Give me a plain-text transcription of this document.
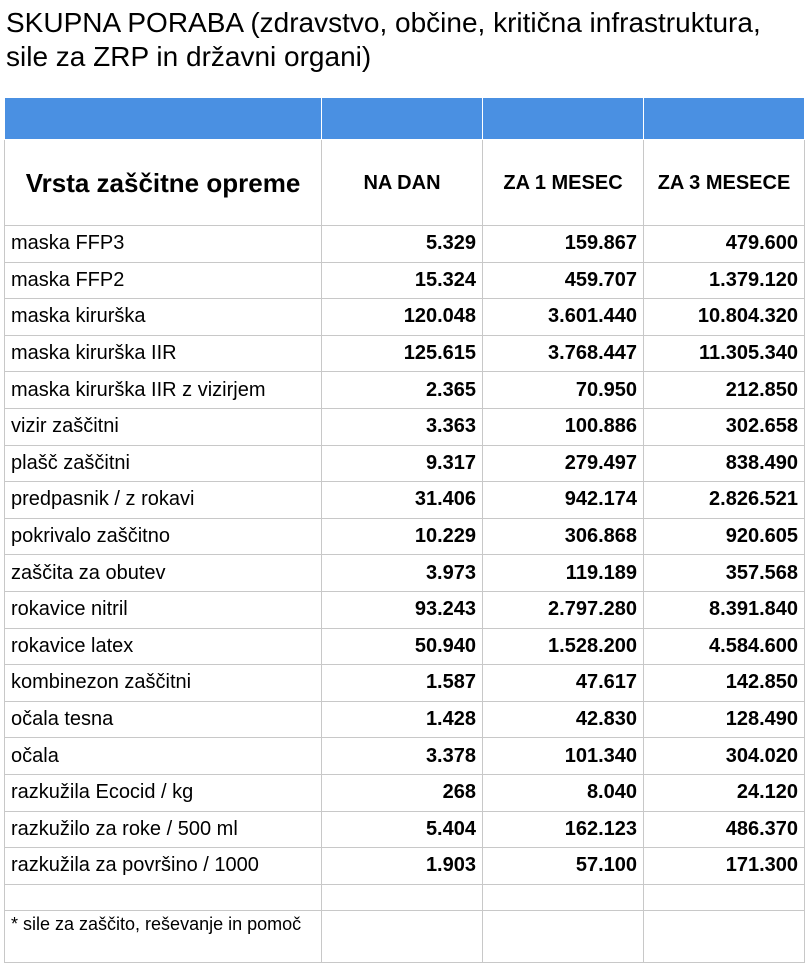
SKUPNA PORABA (zdravstvo, občine, kritična infrastruktura, sile za ZRP in državni organi)

Vrsta zaščitne opreme	NA DAN	ZA 1 MESEC	ZA 3 MESECE
maska FFP3	5.329	159.867	479.600
maska FFP2	15.324	459.707	1.379.120
maska kirurška	120.048	3.601.440	10.804.320
maska kirurška IIR	125.615	3.768.447	11.305.340
maska kirurška IIR z vizirjem	2.365	70.950	212.850
vizir zaščitni	3.363	100.886	302.658
plašč zaščitni	9.317	279.497	838.490
predpasnik / z rokavi	31.406	942.174	2.826.521
pokrivalo zaščitno	10.229	306.868	920.605
zaščita za obutev	3.973	119.189	357.568
rokavice nitril	93.243	2.797.280	8.391.840
rokavice latex	50.940	1.528.200	4.584.600
kombinezon zaščitni	1.587	47.617	142.850
očala tesna	1.428	42.830	128.490
očala	3.378	101.340	304.020
razkužila Ecocid / kg	268	8.040	24.120
razkužilo za roke / 500 ml	5.404	162.123	486.370
razkužila za površino / 1000	1.903	57.100	171.300

* sile za zaščito, reševanje in pomoč			
